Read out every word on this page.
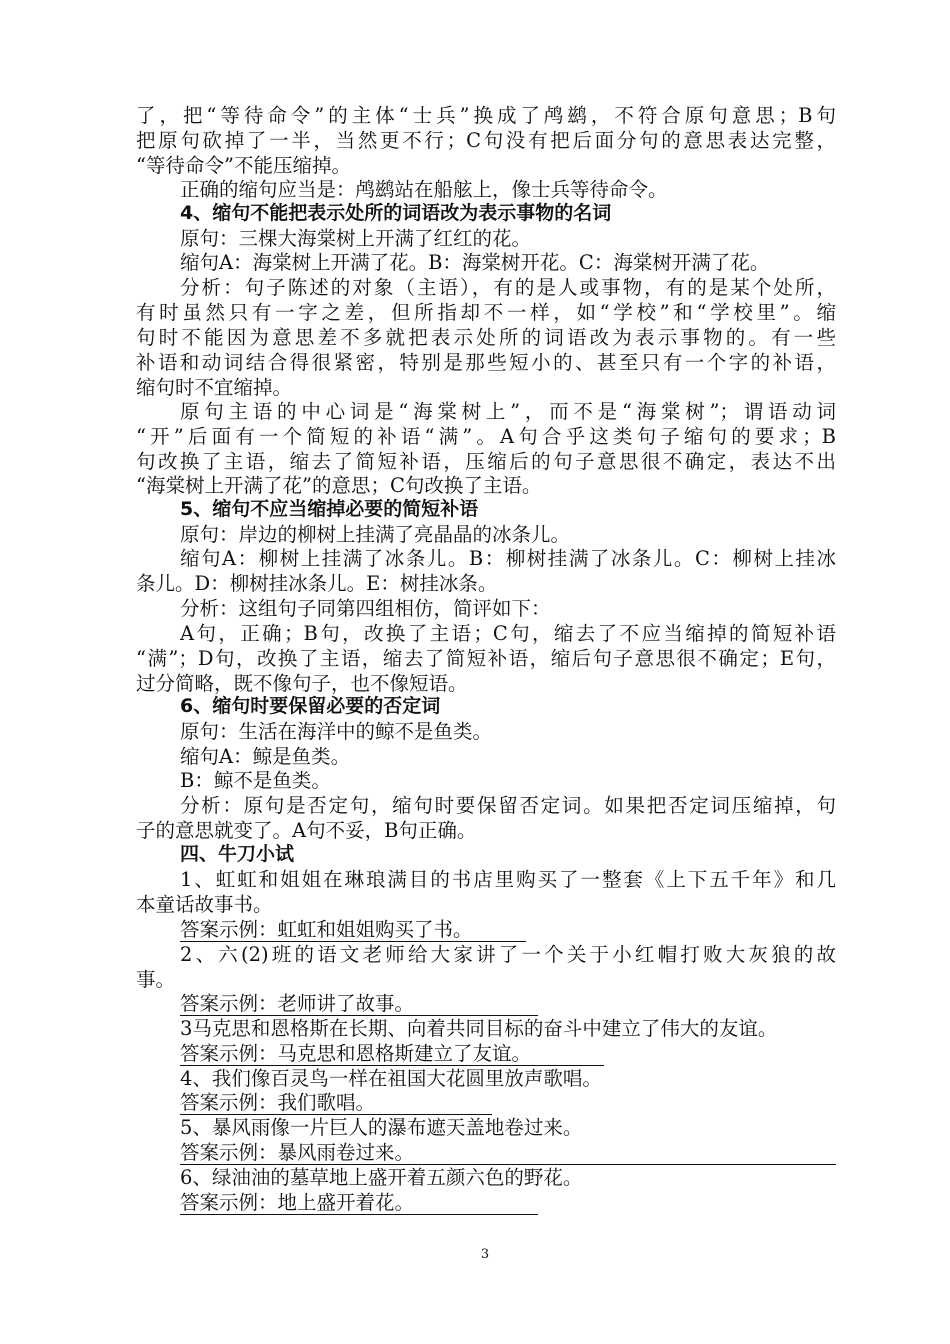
了，把“等待命令”的主体“士兵”换成了鸬鹚，不符合原句意思；B句
把原句砍掉了一半，当然更不行；C句没有把后面分句的意思表达完整，
“等待命令”不能压缩掉。
正确的缩句应当是：鸬鹚站在船舷上，像士兵等待命令。
4、缩句不能把表示处所的词语改为表示事物的名词
原句：三棵大海棠树上开满了红红的花。
缩句A：海棠树上开满了花。B：海棠树开花。C：海棠树开满了花。
分析：句子陈述的对象（主语），有的是人或事物，有的是某个处所，
有时虽然只有一字之差，但所指却不一样，如“学校”和“学校里”。缩
句时不能因为意思差不多就把表示处所的词语改为表示事物的。有一些
补语和动词结合得很紧密，特别是那些短小的、甚至只有一个字的补语，
缩句时不宜缩掉。
原句主语的中心词是“海棠树上”，而不是“海棠树”；谓语动词
“开”后面有一个简短的补语“满”。A句合乎这类句子缩句的要求；B
句改换了主语，缩去了简短补语，压缩后的句子意思很不确定，表达不出
“海棠树上开满了花”的意思；C句改换了主语。
5、缩句不应当缩掉必要的简短补语
原句：岸边的柳树上挂满了亮晶晶的冰条儿。
缩句A：柳树上挂满了冰条儿。B：柳树挂满了冰条儿。C：柳树上挂冰
条儿。D：柳树挂冰条儿。E：树挂冰条。
分析：这组句子同第四组相仿，简评如下：
A句，正确；B句，改换了主语；C句，缩去了不应当缩掉的简短补语
“满”；D句，改换了主语，缩去了简短补语，缩后句子意思很不确定；E句，
过分简略，既不像句子，也不像短语。
6、缩句时要保留必要的否定词
原句：生活在海洋中的鲸不是鱼类。
缩句A：鲸是鱼类。
B：鲸不是鱼类。
分析：原句是否定句，缩句时要保留否定词。如果把否定词压缩掉，句
子的意思就变了。A句不妥，B句正确。
四、牛刀小试
1、虹虹和姐姐在琳琅满目的书店里购买了一整套《上下五千年》和几
本童话故事书。
答案示例：虹虹和姐姐购买了书。
2、六(2)班的语文老师给大家讲了一个关于小红帽打败大灰狼的故
事。
答案示例：老师讲了故事。
3马克思和恩格斯在长期、向着共同目标的奋斗中建立了伟大的友谊。
答案示例：马克思和恩格斯建立了友谊。
4、我们像百灵鸟一样在祖国大花圆里放声歌唱。
答案示例：我们歌唱。
5、暴风雨像一片巨人的瀑布遮天盖地卷过来。
答案示例：暴风雨卷过来。
6、绿油油的墓草地上盛开着五颜六色的野花。
答案示例：地上盛开着花。
3
